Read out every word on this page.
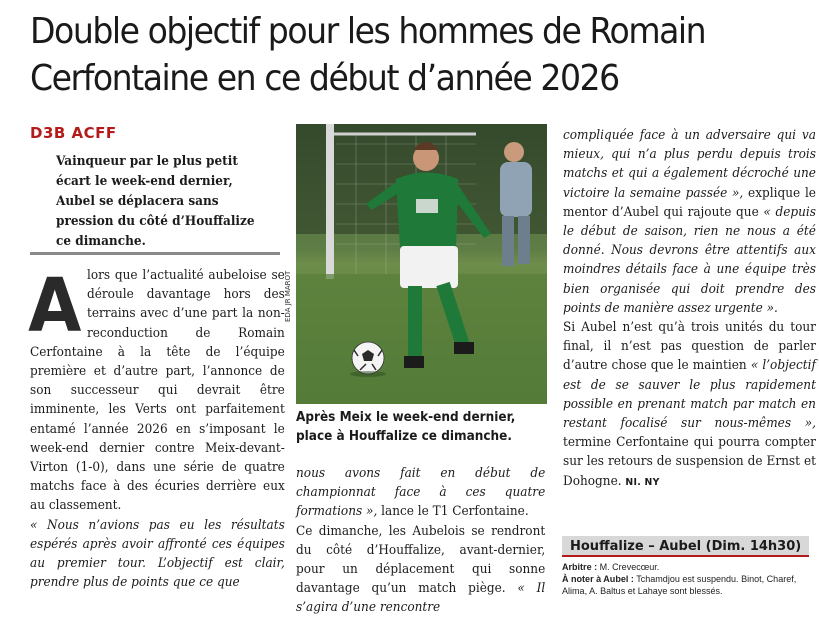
Double objectif pour les hommes de Romain Cerfontaine en ce début d’année 2026
D3B ACFF
Vainqueur par le plus petit écart le week-end dernier, Aubel se déplacera sans pression du côté d’Houffalize ce dimanche.

Alors que l’actualité aubeloise se déroule davantage hors des terrains avec d’une part la non-reconduction de Romain Cerfontaine à la tête de l’équipe première et d’autre part, l’annonce de son successeur qui devrait être imminente, les Verts ont parfaitement entamé l’année 2026 en s’imposant le week-end dernier contre Meix-devant-Virton (1-0), dans une série de quatre matchs face à des écuries derrière eux au classement.

« Nous n’avions pas eu les résultats espérés après avoir affronté ces équipes au premier tour. L’objectif est clair, prendre plus de points que ce que

EDA JR MAROT
Après Meix le week-end dernier, place à Houffalize ce dimanche.

nous avons fait en début de championnat face à ces quatre formations », lance le T1 Cerfontaine.

Ce dimanche, les Aubelois se rendront du côté d’Houffalize, avant-dernier, pour un déplacement qui sonne davantage qu’un match piège. « Il s’agira d’une rencontre

compliquée face à un adversaire qui va mieux, qui n’a plus perdu depuis trois matchs et qui a également décroché une victoire la semaine passée », explique le mentor d’Aubel qui rajoute que « depuis le début de saison, rien ne nous a été donné. Nous devrons être attentifs aux moindres détails face à une équipe très bien organisée qui doit prendre des points de manière assez urgente ».

Si Aubel n’est qu’à trois unités du tour final, il n’est pas question de parler d’autre chose que le maintien « l’objectif est de se sauver le plus rapidement possible en prenant match par match en restant focalisé sur nous-mêmes », termine Cerfontaine qui pourra compter sur les retours de suspension de Ernst et Dohogne. NI. NY

Houffalize – Aubel (Dim. 14h30)
Arbitre : M. Crevecœur.
À noter à Aubel : Tchamdjou est suspendu. Binot, Charef, Alima, A. Baltus et Lahaye sont blessés.
